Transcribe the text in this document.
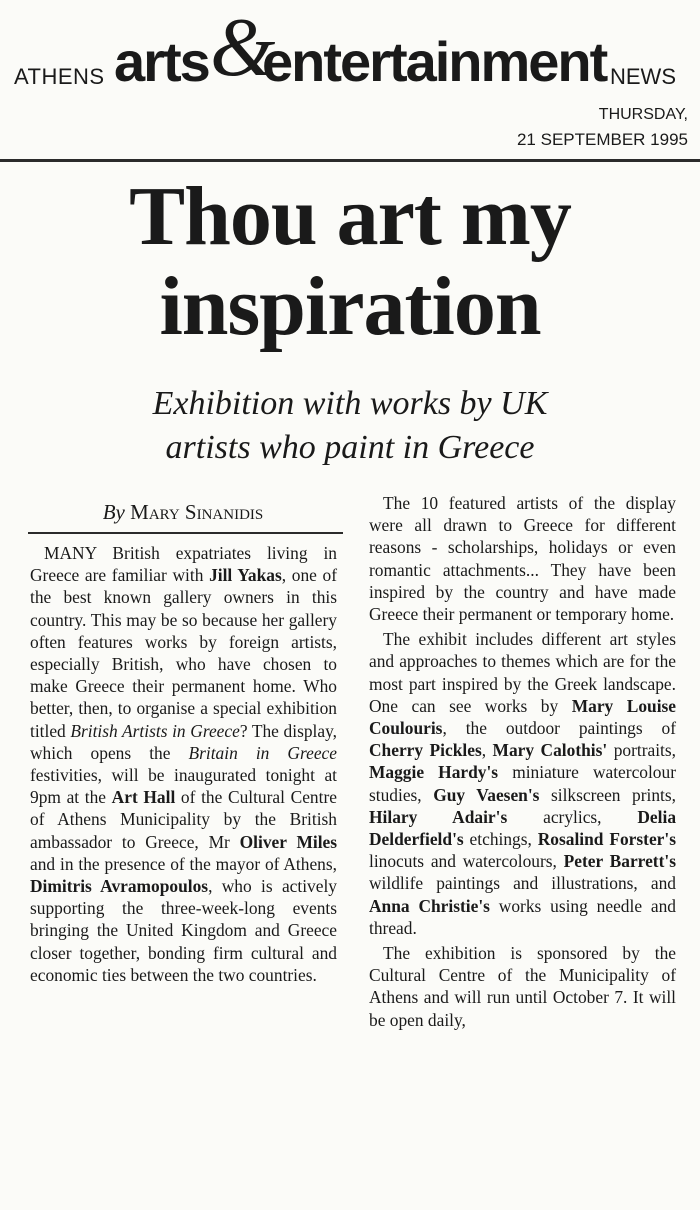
ATHENS arts &
entertainment NEWS
THURSDAY,
21 SEPTEMBER 1995
Thou art my
inspiration
Exhibition with works by UK
artists who paint in Greece
By Mary Sinanidis

MANY British expatriates living in Greece are familiar with Jill Yakas, one of the best known gallery owners in this country. This may be so because her gallery often features works by foreign artists, especially British, who have chosen to make Greece their permanent home. Who better, then, to organise a special exhibition titled British Artists in Greece? The display, which opens the Britain in Greece festivities, will be inaugurated tonight at 9pm at the Art Hall of the Cultural Centre of Athens Municipality by the British ambassador to Greece, Mr Oliver Miles and in the presence of the mayor of Athens, Dimitris Avramopoulos, who is actively supporting the three-week-long events bringing the United Kingdom and Greece closer together, bonding firm cultural and economic ties between the two countries.

The 10 featured artists of the display were all drawn to Greece for different reasons - scholarships, holidays or even romantic attachments... They have been inspired by the country and have made Greece their permanent or temporary home.

The exhibit includes different art styles and approaches to themes which are for the most part inspired by the Greek landscape. One can see works by Mary Louise Coulouris, the outdoor paintings of Cherry Pickles, Mary Calothis' portraits, Maggie Hardy's miniature watercolour studies, Guy Vaesen's silkscreen prints, Hilary Adair's acrylics, Delia Delderfield's etchings, Rosalind Forster's linocuts and watercolours, Peter Barrett's wildlife paintings and illustrations, and Anna Christie's works using needle and thread.

The exhibition is sponsored by the Cultural Centre of the Municipality of Athens and will run until October 7. It will be open daily,
